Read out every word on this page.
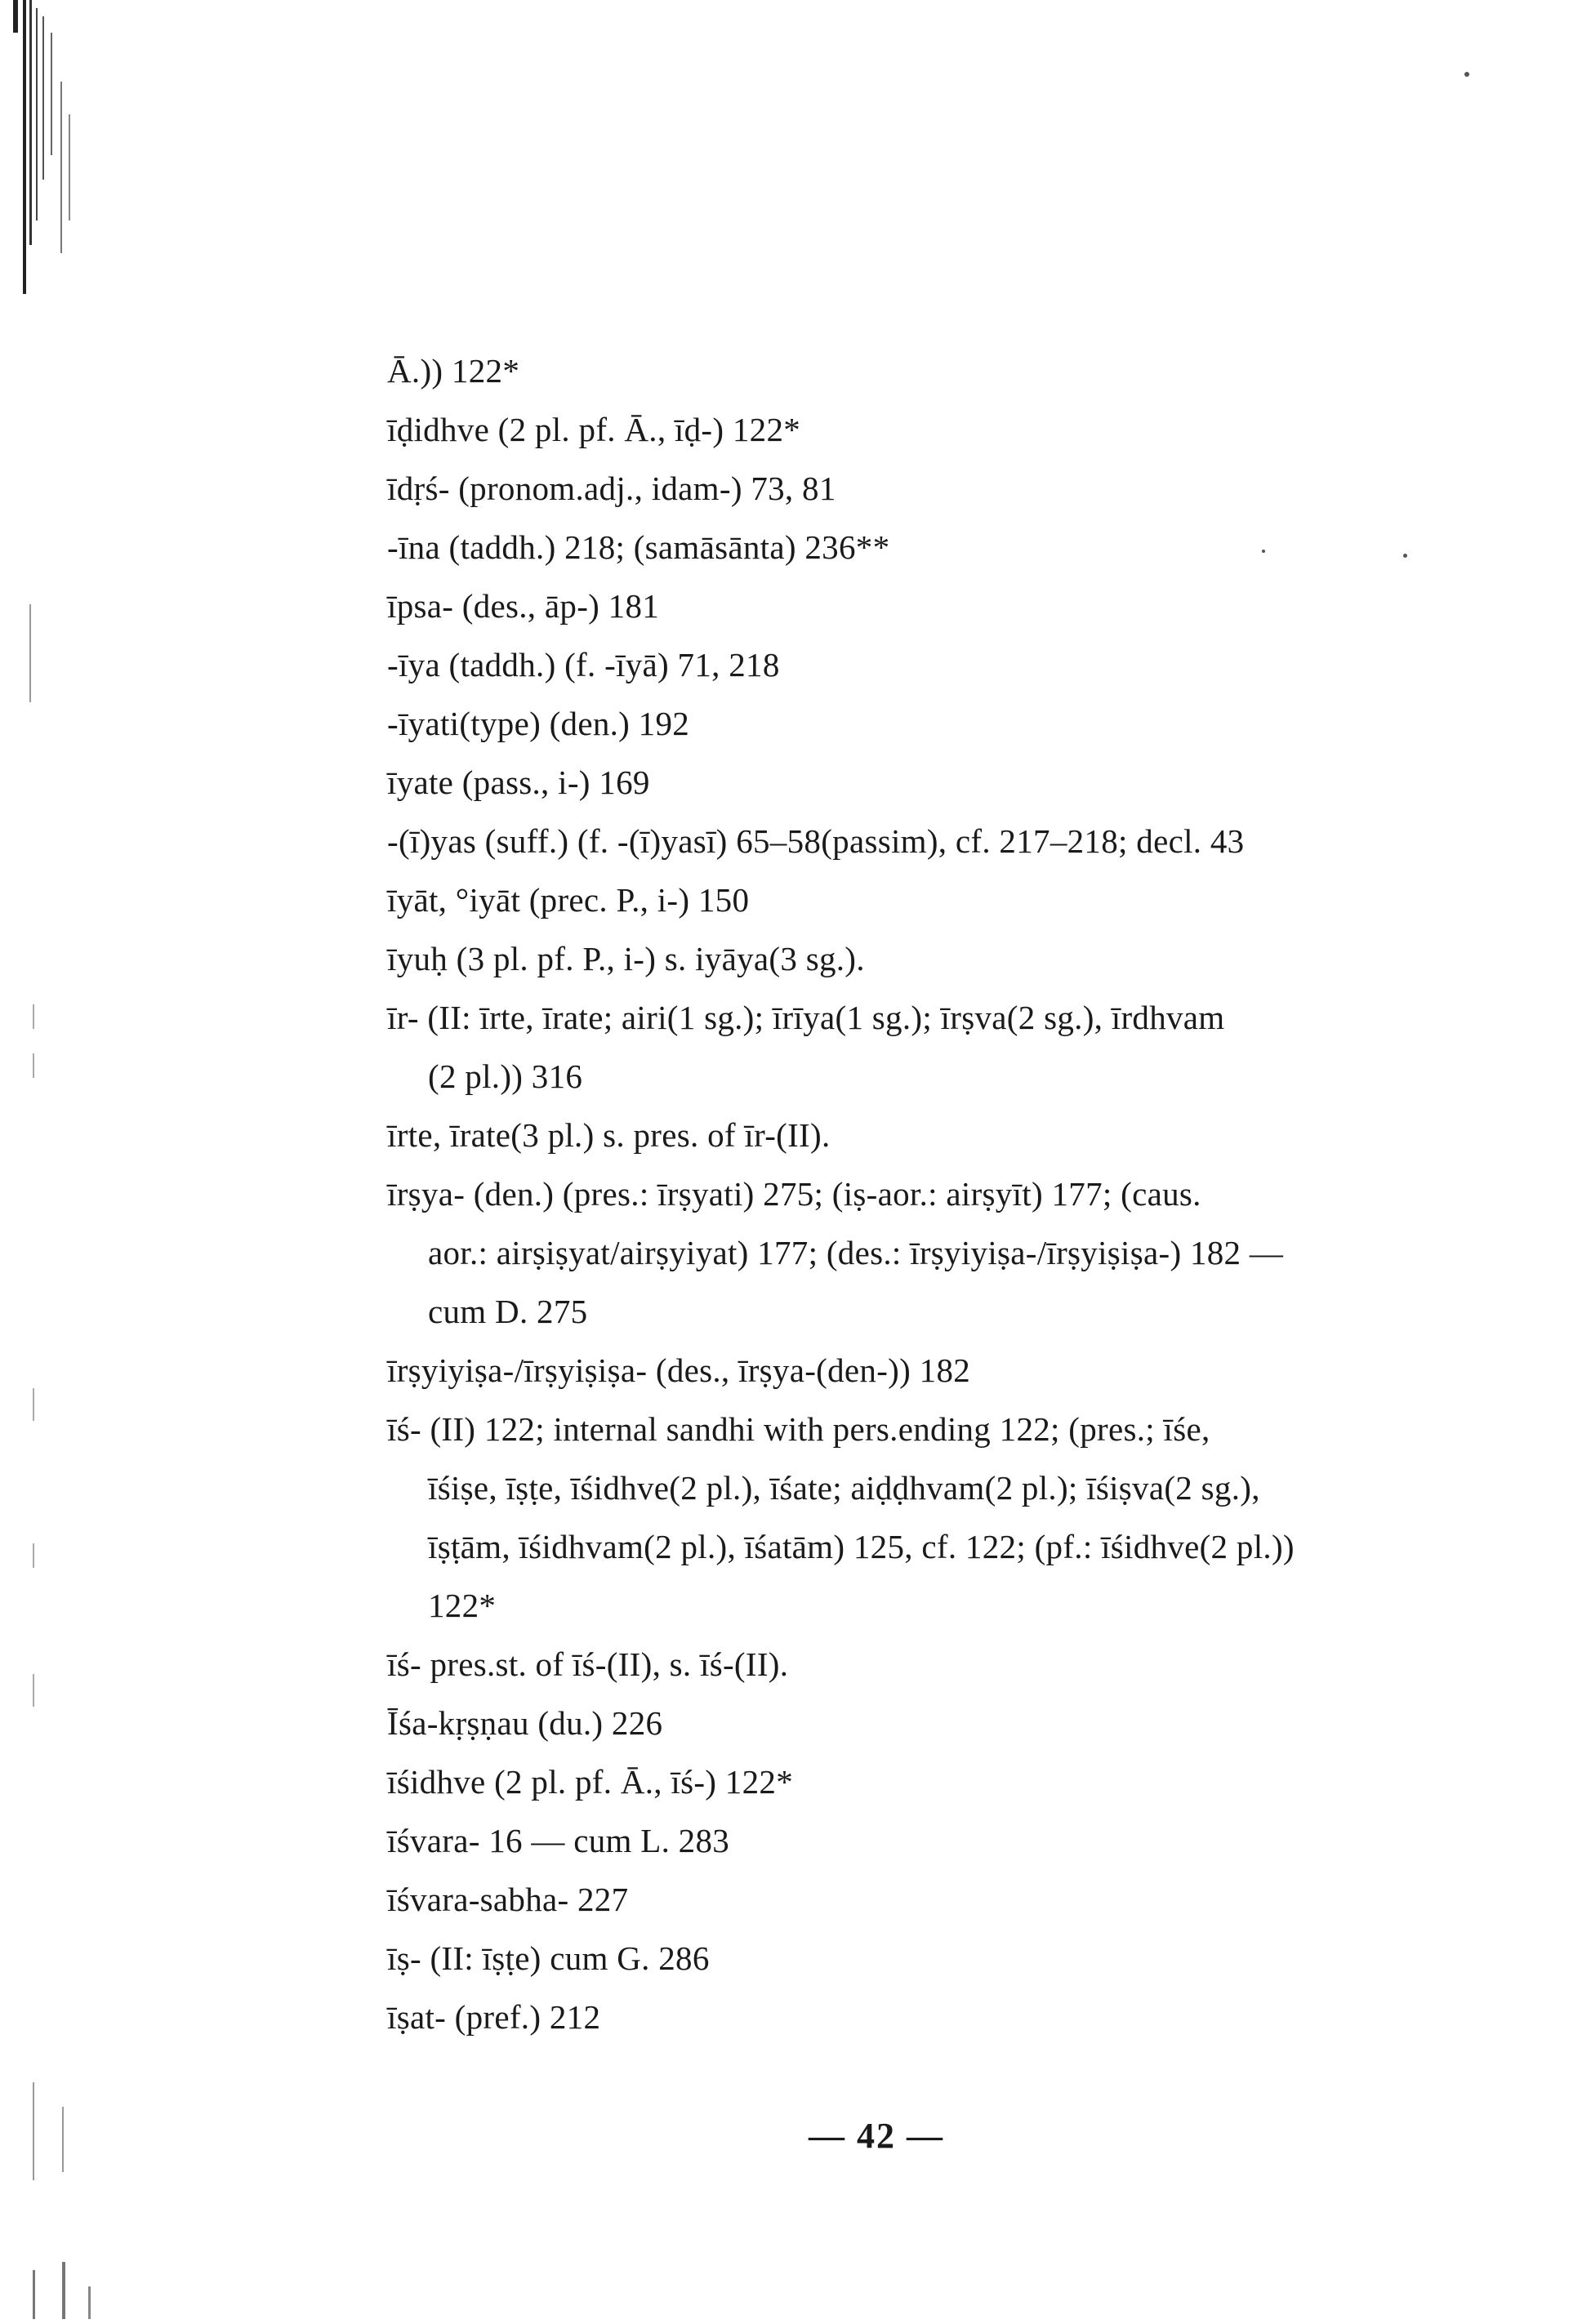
Ā.)) 122*
īḍidhve (2 pl. pf. Ā., īḍ-) 122*
īdṛś- (pronom.adj., idam-) 73, 81
-īna (taddh.) 218; (samāsānta) 236**
īpsa- (des., āp-) 181
-īya (taddh.) (f. -īyā) 71, 218
-īyati(type) (den.) 192
īyate (pass., i-) 169
-(ī)yas (suff.) (f. -(ī)yasī) 65–58(passim), cf. 217–218; decl. 43
īyāt, °iyāt (prec. P., i-) 150
īyuḥ (3 pl. pf. P., i-) s. iyāya(3 sg.).
īr- (II: īrte, īrate; airi(1 sg.); īrīya(1 sg.); īrṣva(2 sg.), īrdhvam
(2 pl.)) 316
īrte, īrate(3 pl.) s. pres. of īr-(II).
īrṣya- (den.) (pres.: īrṣyati) 275; (iṣ-aor.: airṣyīt) 177; (caus.
aor.: airṣiṣyat/airṣyiyat) 177; (des.: īrṣyiyiṣa-/īrṣyiṣiṣa-) 182 —
cum D. 275
īrṣyiyiṣa-/īrṣyiṣiṣa- (des., īrṣya-(den-)) 182
īś- (II) 122; internal sandhi with pers.ending 122; (pres.; īśe,
īśiṣe, īṣṭe, īśidhve(2 pl.), īśate; aiḍḍhvam(2 pl.); īśiṣva(2 sg.),
īṣṭām, īśidhvam(2 pl.), īśatām) 125, cf. 122; (pf.: īśidhve(2 pl.))
122*
īś- pres.st. of īś-(II), s. īś-(II).
Īśa-kṛṣṇau (du.) 226
īśidhve (2 pl. pf. Ā., īś-) 122*
īśvara- 16 — cum L. 283
īśvara-sabha- 227
īṣ- (II: īṣṭe) cum G. 286
īṣat- (pref.) 212
— 42 —
